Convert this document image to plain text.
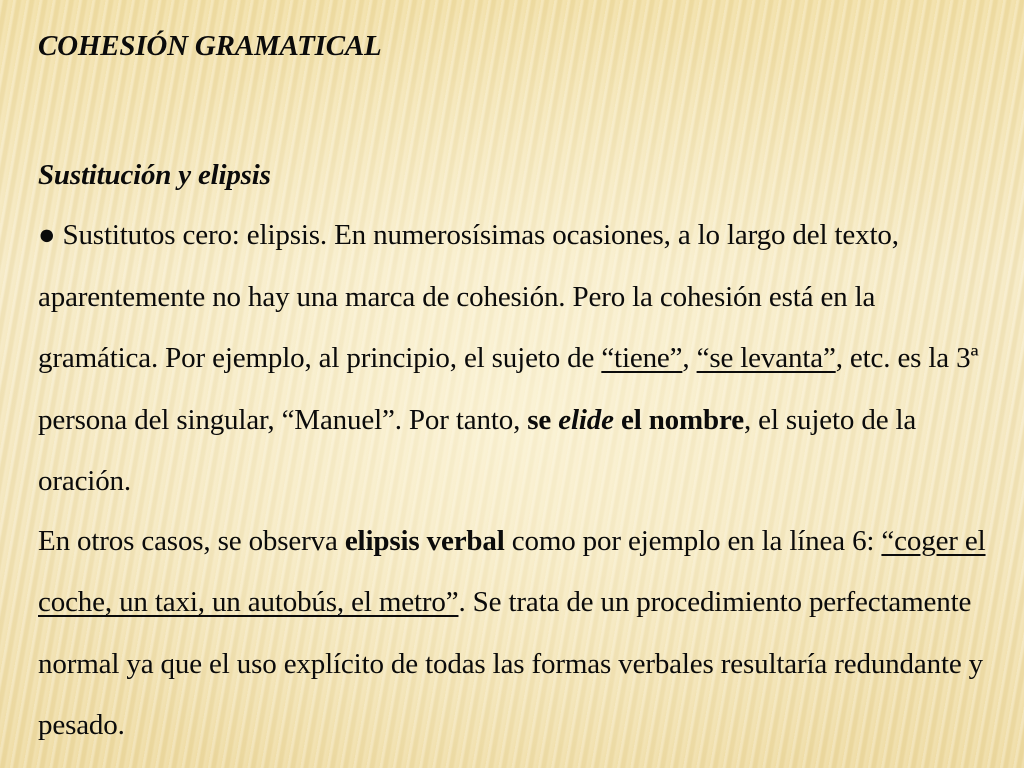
COHESIÓN GRAMATICAL
Sustitución y elipsis

● Sustitutos cero: elipsis. En numerosísimas ocasiones, a lo largo del texto, aparentemente no hay una marca de cohesión. Pero la cohesión está en la gramática. Por ejemplo, al principio, el sujeto de “tiene”, “se levanta”, etc. es la 3ª persona del singular, “Manuel”. Por tanto, se elide el nombre, el sujeto de la oración.

En otros casos, se observa elipsis verbal como por ejemplo en la línea 6: “coger el coche, un taxi, un autobús, el metro”. Se trata de un procedimiento perfectamente normal ya que el uso explícito de todas las formas verbales resultaría redundante y pesado.
